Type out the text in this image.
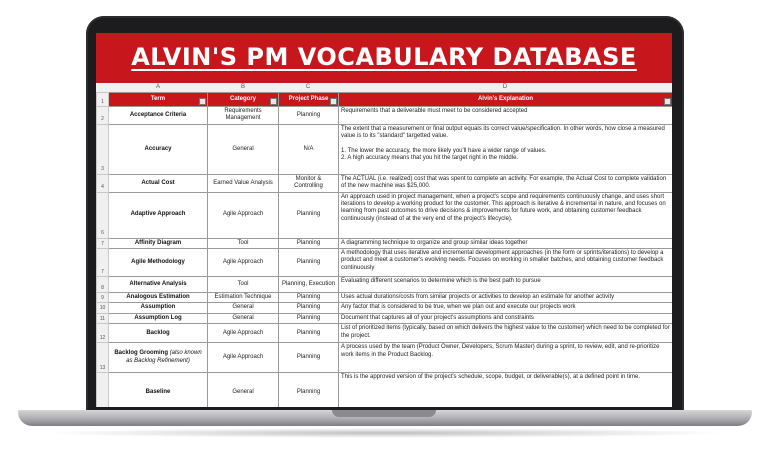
ALVIN'S PM VOCABULARY DATABASE
A	B	C	D
1	Term	Category	Project Phase	Alvin's Explanation

2	Acceptance Criteria	Requirements Management	Planning	Requirements that a deliverable must meet to be considered accepted

3	Accuracy	General	N/A	The extent that a measurement or final output equals its correct value/specification. In other words, how close a measured value is to its "standard" targetted value.
1. The lower the accuracy, the more likely you'll have a wider range of values.
2. A high accuracy means that you hit the target right in the middle.

4	Actual Cost	Earned Value Analysis	Monitor & Controlling	The ACTUAL (i.e. realized) cost that was spent to complete an activity. For example, the Actual Cost to complete validation of the new machine was $25,000.

6	Adaptive Approach	Agile Approach	Planning	An approach used in project management, when a project's scope and requirements continuously change, and uses short iterations to develop a working product for the customer. This approach is iterative & incremental in nature, and focuses on learning from past outcomes to drive decisions & improvements for future work, and obtaining customer feedback continuously (instead of at the very end of the project's lifecycle).

7	Affinity Diagram	Tool	Planning	A diagramming technique to organize and group similar ideas together

7	Agile Methodology	Agile Approach	Planning	A methodology that uses iterative and incremental development approaches (in the form or sprints/iterations) to develop a product and meet a customer's evolving needs. Focuses on working in smaller batches, and obtaining customer feedback continuously

8	Alternative Analysis	Tool	Planning, Execution	Evaluating different scenarios to determine which is the best path to pursue

9	Analogous Estimation	Estimation Technique	Planning	Uses actual durations/costs from similar projects or activities to develop an estimate for another activity

10	Assumption	General	Planning	Any factor that is considered to be true, when we plan out and execute our projects work

11	Assumption Log	General	Planning	Document that captures all of your project's assumptions and constraints

12	Backlog	Agile Approach	Planning	List of prioritized items (typically, based on which delivers the highest value to the customer) which need to be completed for the project.

13	Backlog Grooming (also known as Backlog Refinement)	Agile Approach	Planning	A process used by the team (Product Owner, Developers, Scrum Master) during a sprint, to review, edit, and re-prioritize work items in the Product Backlog.

	Baseline	General	Planning	This is the approved version of the project's schedule, scope, budget, or deliverable(s), at a defined point in time.
